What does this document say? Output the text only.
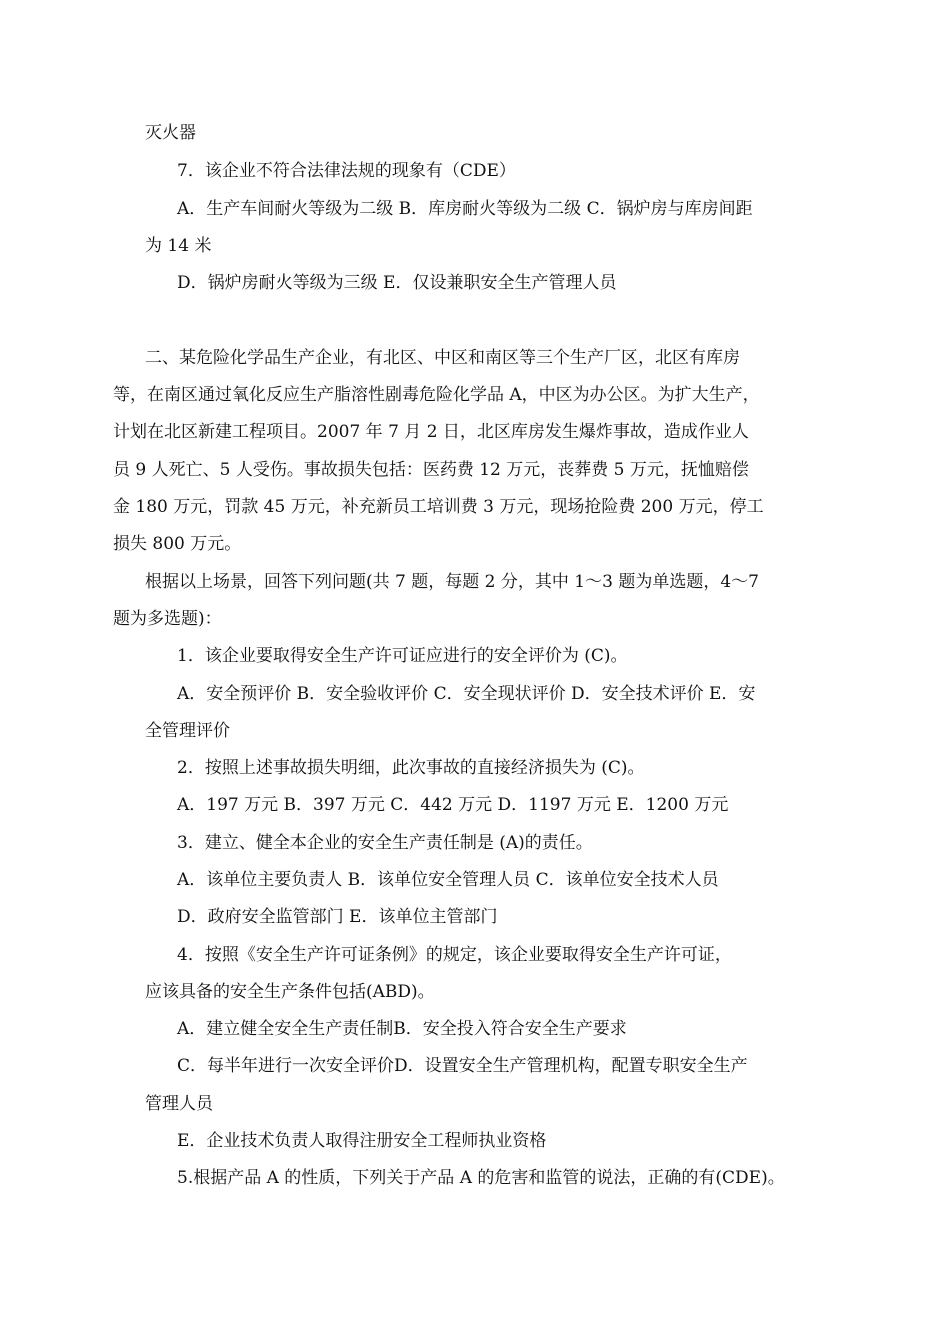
灭火器
7．该企业不符合法律法规的现象有（CDE）
A．生产车间耐火等级为二级 B．库房耐火等级为二级 C．锅炉房与库房间距
为 14 米
D．锅炉房耐火等级为三级 E．仅设兼职安全生产管理人员
二、某危险化学品生产企业，有北区、中区和南区等三个生产厂区，北区有库房
等，在南区通过氧化反应生产脂溶性剧毒危险化学品 A，中区为办公区。为扩大生产，
计划在北区新建工程项目。2007 年 7 月 2 日，北区库房发生爆炸事故，造成作业人
员 9 人死亡、5 人受伤。事故损失包括：医药费 12 万元，丧葬费 5 万元，抚恤赔偿
金 180 万元，罚款 45 万元，补充新员工培训费 3 万元，现场抢险费 200 万元，停工
损失 800 万元。
根据以上场景，回答下列问题(共 7 题，每题 2 分，其中 1～3 题为单选题，4～7
题为多选题)：
1．该企业要取得安全生产许可证应进行的安全评价为 (C)。
A．安全预评价 B．安全验收评价 C．安全现状评价 D．安全技术评价 E．安
全管理评价
2．按照上述事故损失明细，此次事故的直接经济损失为 (C)。
A．197 万元 B．397 万元 C．442 万元 D．1197 万元 E．1200 万元
3．建立、健全本企业的安全生产责任制是 (A)的责任。
A．该单位主要负责人 B．该单位安全管理人员 C．该单位安全技术人员
D．政府安全监管部门 E．该单位主管部门
4．按照《安全生产许可证条例》的规定，该企业要取得安全生产许可证，
应该具备的安全生产条件包括(ABD)。
A．建立健全安全生产责任制B．安全投入符合安全生产要求
C．每半年进行一次安全评价D．设置安全生产管理机构，配置专职安全生产
管理人员
E．企业技术负责人取得注册安全工程师执业资格
5.根据产品 A 的性质，下列关于产品 A 的危害和监管的说法，正确的有(CDE)。
